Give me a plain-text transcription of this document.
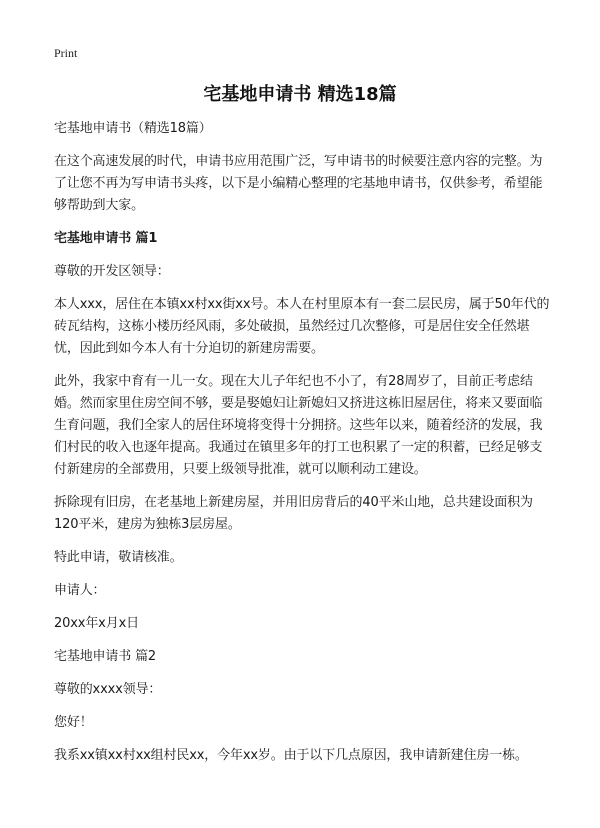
Print
宅基地申请书 精选18篇

宅基地申请书（精选18篇）

在这个高速发展的时代，申请书应用范围广泛，写申请书的时候要注意内容的完整。为了让您不再为写申请书头疼，以下是小编精心整理的宅基地申请书，仅供参考，希望能够帮助到大家。

宅基地申请书 篇1

尊敬的开发区领导：

本人xxx，居住在本镇xx村xx街xx号。本人在村里原本有一套二层民房，属于50年代的砖瓦结构，这栋小楼历经风雨，多处破损，虽然经过几次整修，可是居住安全任然堪忧，因此到如今本人有十分迫切的新建房需要。

此外，我家中育有一儿一女。现在大儿子年纪也不小了，有28周岁了，目前正考虑结婚。然而家里住房空间不够，要是娶媳妇让新媳妇又挤进这栋旧屋居住，将来又要面临生育问题，我们全家人的居住环境将变得十分拥挤。这些年以来，随着经济的发展，我们村民的收入也逐年提高。我通过在镇里多年的打工也积累了一定的积蓄，已经足够支付新建房的全部费用，只要上级领导批准，就可以顺利动工建设。

拆除现有旧房，在老基地上新建房屋，并用旧房背后的40平米山地，总共建设面积为120平米，建房为独栋3层房屋。

特此申请，敬请核准。

申请人：

20xx年x月x日

宅基地申请书 篇2

尊敬的xxxx领导：

您好！

我系xx镇xx村xx组村民xx，今年xx岁。由于以下几点原因，我申请新建住房一栋。
